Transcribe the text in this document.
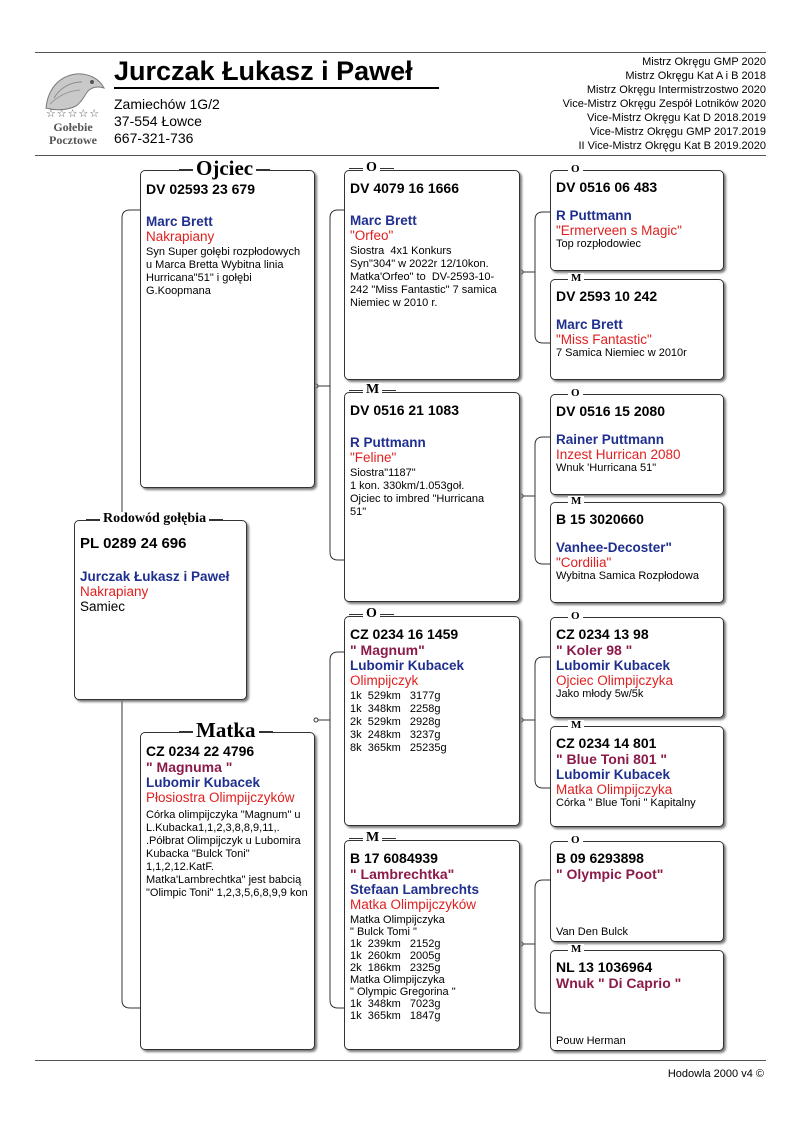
☆☆☆☆☆
Gołebie
Pocztowe
Jurczak Łukasz i Paweł
Zamiechów 1G/2
37-554 Łowce
667-321-736
Mistrz Okręgu GMP 2020
Mistrz Okręgu Kat A i B 2018
Mistrz Okręgu Intermistrzostwo 2020
Vice-Mistrz Okręgu Zespół Lotników 2020
Vice-Mistrz Okręgu Kat D 2018.2019
Vice-Mistrz Okręgu GMP 2017.2019
II Vice-Mistrz Okręgu Kat B 2019.2020
PL 0289 24 696
Jurczak Łukasz i Paweł
Nakrapiany
Samiec
Rodowód gołębia
DV 02593 23 679
Marc Brett
Nakrapiany
Syn Super gołębi rozpłodowych u Marca Bretta Wybitna linia Hurricana"51" i gołębi G.Koopmana
Ojciec
CZ 0234 22 4796
" Magnuma "
Lubomir Kubacek
Płosiostra Olimpijczyków
Córka olimpijczyka "Magnum" u L.Kubacka1,1,2,3,8,8,9,11,. .Półbrat Olimpijczyk u Lubomira Kubacka "Bulck Toni" 1,1,2,12.KatF. Matka'Lambrechtka" jest babcią "Olimpic Toni" 1,2,3,5,6,8,9,9 kon
Matka
DV 4079 16 1666
Marc Brett
"Orfeo"
Siostra  4x1 Konkurs
Syn"304" w 2022r 12/10kon.
Matka'Orfeo" to  DV-2593-10-
242 "Miss Fantastic" 7 samica
Niemiec w 2010 r.
O
DV 0516 21 1083
R Puttmann
"Feline"
Siostra"1187"
1 kon. 330km/1.053goł.
Ojciec to imbred "Hurricana
51"
M
CZ 0234 16 1459
" Magnum"
Lubomir Kubacek
Olimpijczyk
1k  529km   3177g
1k  348km   2258g
2k  529km   2928g
3k  248km   3237g
8k  365km   25235g
O
B 17 6084939
" Lambrechtka"
Stefaan Lambrechts
Matka Olimpijczyków
Matka Olimpijczyka
" Bulck Tomi "
1k  239km   2152g
1k  260km   2005g
2k  186km   2325g
Matka Olimpijczyka
" Olympic Gregorina "
1k  348km   7023g
1k  365km   1847g
M
DV 0516 06 483
R Puttmann
"Ermerveen s Magic"
Top rozpłodowiec
O
DV 2593 10 242
Marc Brett
"Miss Fantastic"
7 Samica Niemiec w 2010r
M
DV 0516 15 2080
Rainer Puttmann
Inzest Hurrican 2080
Wnuk 'Hurricana 51"
O
B 15 3020660
Vanhee-Decoster"
"Cordilia"
Wybitna Samica Rozpłodowa
M
CZ 0234 13 98
" Koler 98 "
Lubomir Kubacek
Ojciec Olimpijczyka
Jako młody 5w/5k
O
CZ 0234 14 801
" Blue Toni 801 "
Lubomir Kubacek
Matka Olimpijczyka
Córka " Blue Toni " Kapitalny
M
B 09 6293898
" Olympic Poot"
Van Den Bulck
O
NL 13 1036964
Wnuk " Di Caprio "
Pouw Herman
M
Hodowla 2000 v4 ©
